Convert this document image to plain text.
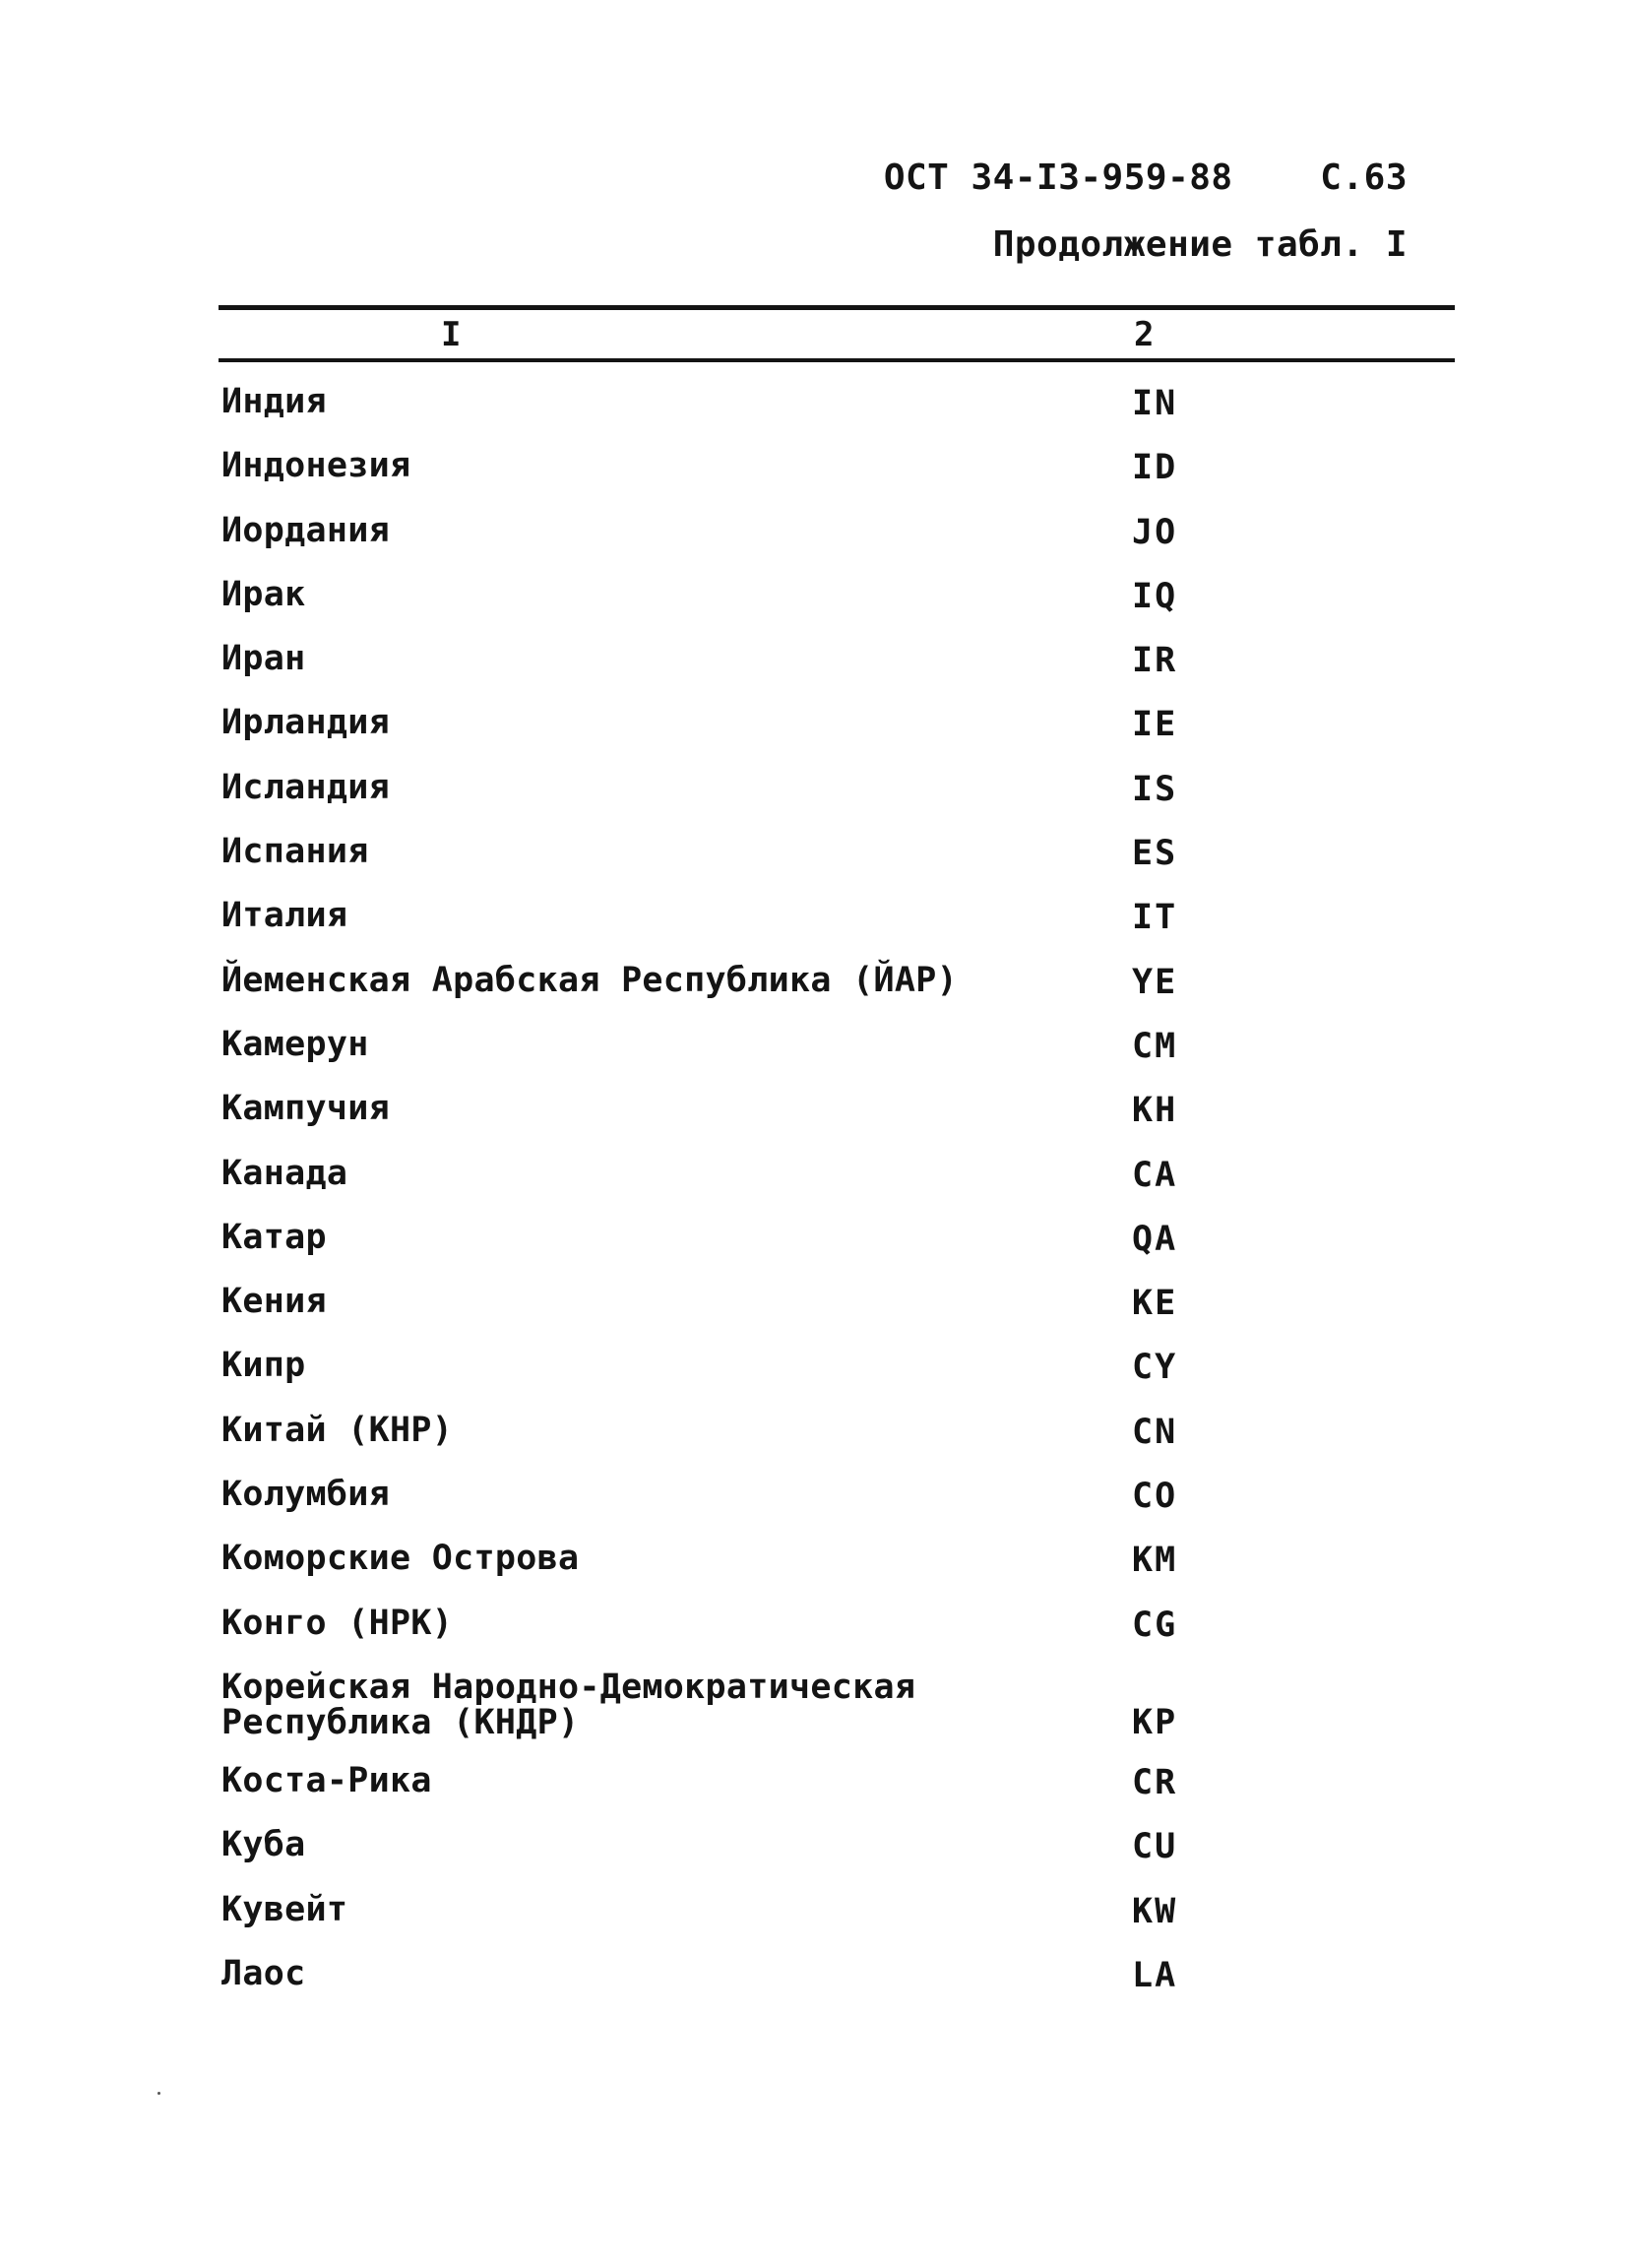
ОСТ 34-I3-959-88 С.63
Продолжение табл. I
I	2
Индия	IN
Индонезия	ID
Иордания	JO
Ирак	IQ
Иран	IR
Ирландия	IE
Исландия	IS
Испания	ES
Италия	IT
Йеменская Арабская Республика (ЙАР)	YE
Камерун	CM
Кампучия	KH
Канада	CA
Катар	QA
Кения	KE
Кипр	CY
Китай (КНР)	CN
Колумбия	CO
Коморские Острова	KM
Конго (НРК)	CG
Корейская Народно-Демократическая
Республика (КНДР)	KP
Коста-Рика	CR
Куба	CU
Кувейт	KW
Лаос	LA
